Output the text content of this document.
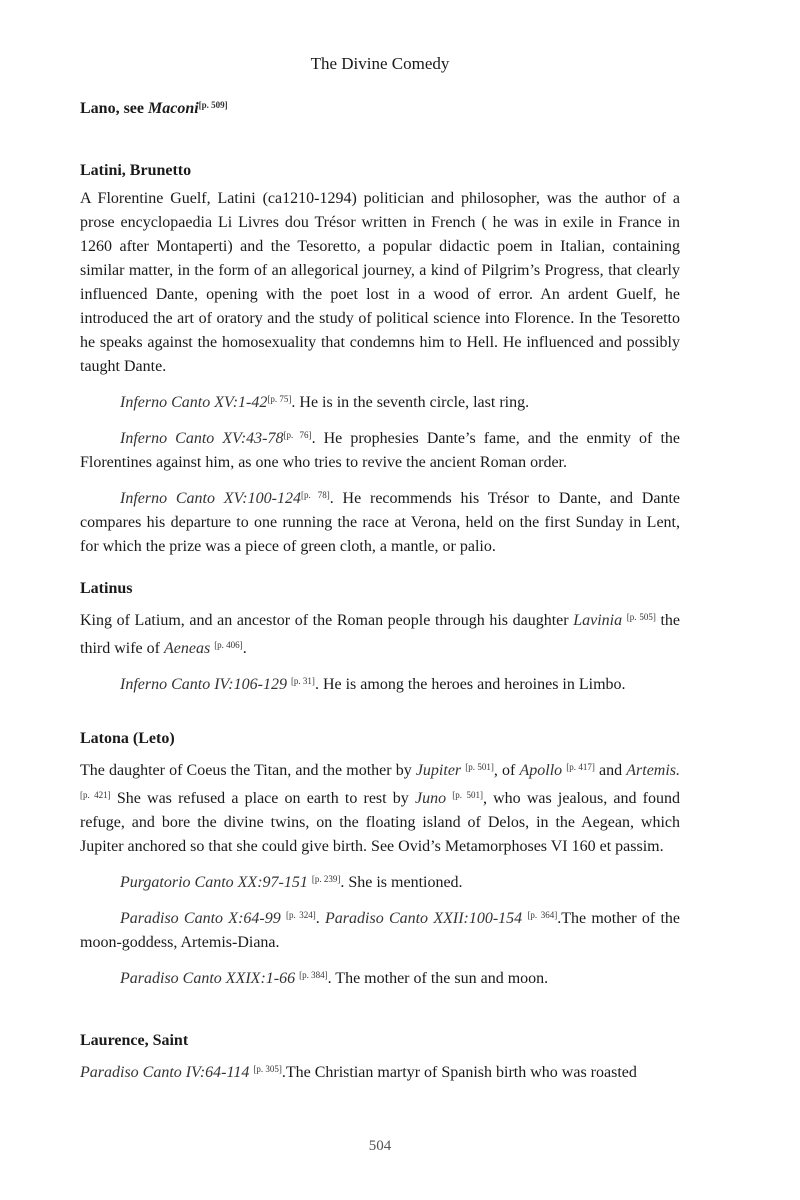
The Divine Comedy
Lano, see Maconi[p. 509]
Latini, Brunetto

A Florentine Guelf, Latini (ca1210-1294) politician and philosopher, was the author of a prose encyclopaedia Li Livres dou Trésor written in French ( he was in exile in France in 1260 after Montaperti) and the Tesoretto, a popular didactic poem in Italian, containing similar matter, in the form of an allegorical journey, a kind of Pilgrim’s Progress, that clearly influenced Dante, opening with the poet lost in a wood of error. An ardent Guelf, he introduced the art of oratory and the study of political science into Florence. In the Tesoretto he speaks against the homosexuality that condemns him to Hell. He influenced and possibly taught Dante.

Inferno Canto XV:1-42[p. 75]. He is in the seventh circle, last ring.

Inferno Canto XV:43-78[p. 76]. He prophesies Dante’s fame, and the enmity of the Florentines against him, as one who tries to revive the ancient Roman order.

Inferno Canto XV:100-124[p. 78]. He recommends his Trésor to Dante, and Dante compares his departure to one running the race at Verona, held on the first Sunday in Lent, for which the prize was a piece of green cloth, a mantle, or palio.

Latinus

King of Latium, and an ancestor of the Roman people through his daughter Lavinia [p. 505] the third wife of Aeneas [p. 406].

Inferno Canto IV:106-129 [p. 31]. He is among the heroes and heroines in Limbo.

Latona (Leto)

The daughter of Coeus the Titan, and the mother by Jupiter [p. 501], of Apollo [p. 417] and Artemis. [p. 421] She was refused a place on earth to rest by Juno [p. 501], who was jealous, and found refuge, and bore the divine twins, on the floating island of Delos, in the Aegean, which Jupiter anchored so that she could give birth. See Ovid’s Metamorphoses VI 160 et passim.

Purgatorio Canto XX:97-151 [p. 239]. She is mentioned.

Paradiso Canto X:64-99 [p. 324]. Paradiso Canto XXII:100-154 [p. 364].The mother of the moon-goddess, Artemis-Diana.

Paradiso Canto XXIX:1-66 [p. 384]. The mother of the sun and moon.

Laurence, Saint

Paradiso Canto IV:64-114 [p. 305].The Christian martyr of Spanish birth who was roasted

504
